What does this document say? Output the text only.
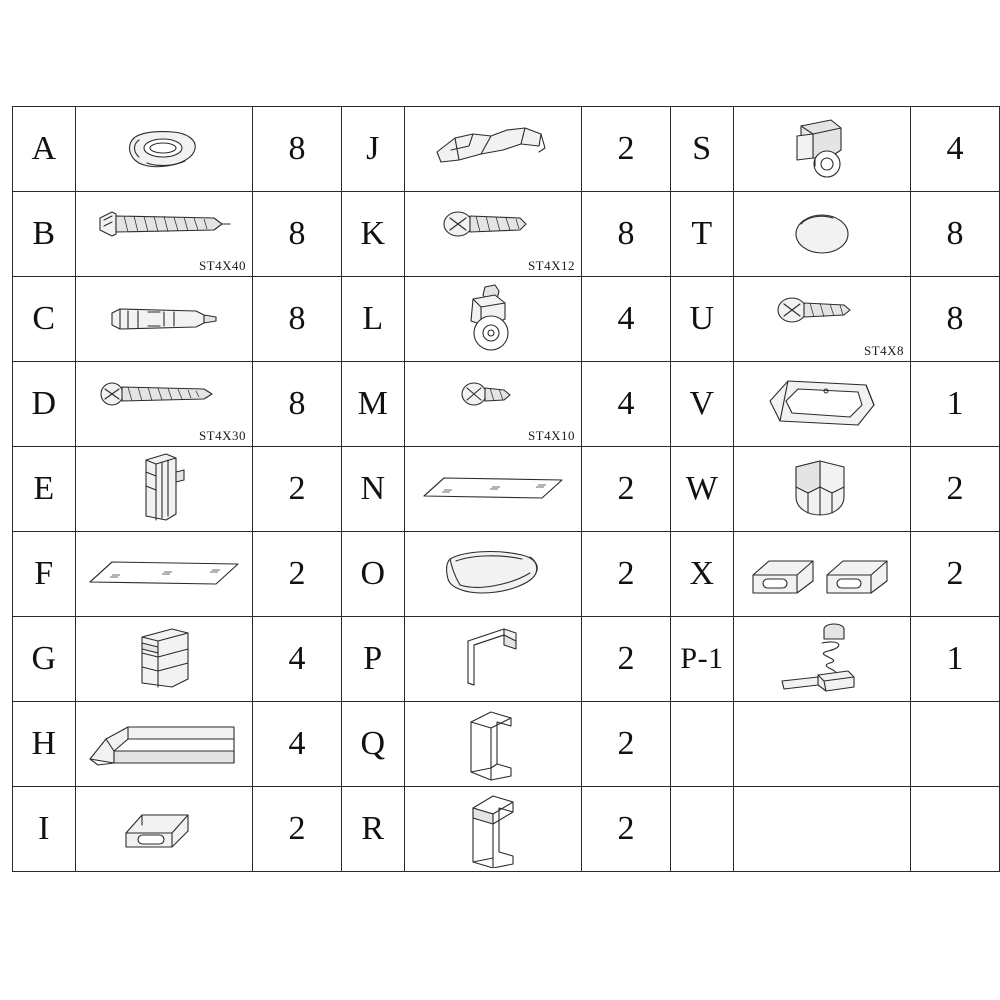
A		8	J		2	S		4
B	ST4X40	8	K	ST4X12	8	T		8
C		8	L		4	U	ST4X8	8
D	ST4X30	8	M	ST4X10	4	V		1
E		2	N		2	W		2
F		2	O		2	X		2
G		4	P		2	P-1		1
H		4	Q		2		

I		2	R		2		
